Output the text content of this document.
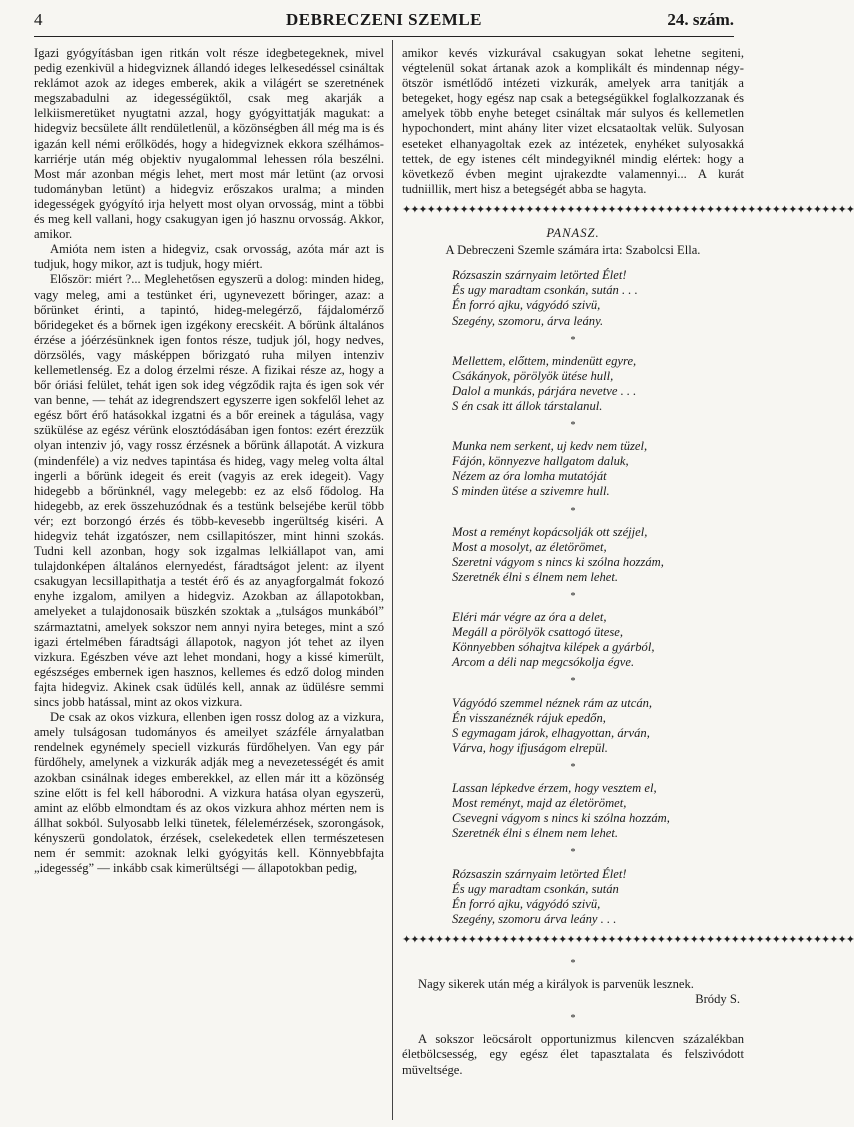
4	DEBRECZENI SZEMLE	24. szám.

Igazi gyógyításban igen ritkán volt része idegbetegeknek, mivel pedig ezenkivül a hidegviznek állandó ideges lelkesedéssel csináltak reklámot azok az ideges emberek, akik a világért se szeretnének megszabadulni az idegességüktől, csak meg akarják a lelkiismeretüket nyugtatni azzal, hogy gyógyittatják magukat: a hidegviz becsülete állt rendületlenül, a közönségben áll még ma is és igazán kell némi erőlködés, hogy a hidegviznek ekkora szélhámos-karriérje után még objektiv nyugalommal lehessen róla beszélni. Most már azonban mégis lehet, mert most már letünt (az orvosi tudományban letünt) a hidegviz erőszakos uralma; a minden idegességek gyógyító irja helyett most olyan orvosság, mint a többi és meg kell vallani, hogy csakugyan igen jó hasznu orvosság. Akkor, amikor.

Amióta nem isten a hidegviz, csak orvosság, azóta már azt is tudjuk, hogy mikor, azt is tudjuk, hogy miért.

Először: miért ?... Meglehetősen egyszerü a dolog: minden hideg, vagy meleg, ami a testünket éri, ugynevezett bőringer, azaz: a bőrünket érinti, a tapintó, hideg-melegérző, fájdalomérző bőridegeket és a bőrnek igen izgékony erecskéit. A bőrünk általános érzése a jóérzésünknek igen fontos része, tudjuk jól, hogy nedves, dörzsölés, vagy másképpen bőrizgató ruha milyen intenziv kellemetlenség. Ez a dolog érzelmi része. A fizikai része az, hogy a bőr óriási felület, tehát igen sok ideg végződik rajta és igen sok vér van benne, — tehát az idegrendszert egyszerre igen sokfelől lehet az egész bőrt érő hatásokkal izgatni és a bőr ereinek a tágulása, vagy szükülése az egész vérünk elosztódásában igen fontos: ezért érezzük olyan intenziv jó, vagy rossz érzésnek a bőrünk állapotát. A vizkura (mindenféle) a viz nedves tapintása és hideg, vagy meleg volta által ingerli a bőrünk idegeit és ereit (vagyis az erek idegeit). Vagy hidegebb a bőrünknél, vagy melegebb: ez az első fődolog. Ha hidegebb, az erek összehuzódnak és a testünk belsejébe kerül több vér; ezt borzongó érzés és több-kevesebb ingerültség kiséri. A hidegviz tehát izgatószer, nem csillapitószer, mint hinni szokás. Tudni kell azonban, hogy sok izgalmas lelkiállapot van, ami tulajdonképen általános elernyedést, fáradtságot jelent: az ilyent csakugyan lecsillapithatja a testét érő és az anyagforgalmát fokozó enyhe izgalom, amilyen a hidegviz. Azokban az állapotokban, amelyeket a tulajdonosaik büszkén szoktak a „tulságos munkából” származtatni, amelyek sokszor nem annyi nyira beteges, mint a szó igazi értelmében fáradtsági állapotok, nagyon jót tehet az ilyen vizkura. Egészben véve azt lehet mondani, hogy a kissé kimerült, egészséges embernek igen hasznos, kellemes és edző dolog minden fajta hidegviz. Akinek csak üdülés kell, annak az üdülésre semmi sincs jobb hatással, mint az okos vizkura.

De csak az okos vizkura, ellenben igen rossz dolog az a vizkura, amely tulságosan tudományos és ameilyet százféle árnyalatban rendelnek egynémely speciell vizkurás fürdőhelyen. Van egy pár fürdőhely, amelynek a vizkurák adják meg a nevezetességét és amit azokban csinálnak ideges emberekkel, az ellen már itt a közönség szine előtt is fel kell háborodni. A vizkura hatása olyan egyszerü, amint az előbb elmondtam és az okos vizkura ahhoz mérten nem is állhat sokból. Sulyosabb lelki tünetek, félelemérzések, szorongások, kényszerü gondolatok, érzések, cselekedetek ellen természetesen nem ér semmit: azoknak lelki gyógyitás kell. Könnyebbfajta „idegesség” — inkább csak kimerültségi — állapotokban pedig,

amikor kevés vizkurával csakugyan sokat lehetne segiteni, végtelenül sokat ártanak azok a komplikált és mindennap négy-ötször ismétlődő intézeti vizkurák, amelyek arra tanitják a betegeket, hogy egész nap csak a betegségükkel foglalkozzanak és amelyek több enyhe beteget csináltak már sulyos és kellemetlen hypochondert, mint ahány liter vizet elcsataoltak velük. Sulyosan eseteket elhanyagoltak ezek az intézetek, enyhéket sulyosakká tettek, de egy istenes célt mindegyiknél mindig elértek: hogy a következő évben megint ujrakezdte valamennyi... A kurát tudniillik, mert hisz a betegségét abba se hagyta.

✦✦✦✦✦✦✦✦✦✦✦✦✦✦✦✦✦✦✦✦✦✦✦✦✦✦✦✦✦✦✦✦✦✦✦✦✦✦✦✦✦✦✦✦✦✦✦✦✦✦✦✦✦✦✦
PANASZ.
A Debreczeni Szemle számára irta: Szabolcsi Ella.
Rózsaszin szárnyaim letörted Élet!
És ugy maradtam csonkán, sután . . .
Én forró ajku, vágyódó szivü,
Szegény, szomoru, árva leány.
*
Mellettem, előttem, mindenütt egyre,
Csákányok, pörölyök ütése hull,
Dalol a munkás, párjára nevetve . . .
S én csak itt állok társtalanul.
*
Munka nem serkent, uj kedv nem tüzel,
Fájón, könnyezve hallgatom daluk,
Nézem az óra lomha mutatóját
S minden ütése a szivemre hull.
*
Most a reményt kopácsolják ott széjjel,
Most a mosolyt, az életörömet,
Szeretni vágyom s nincs ki szólna hozzám,
Szeretnék élni s élnem nem lehet.
*
Eléri már végre az óra a delet,
Megáll a pörölyök csattogó ütese,
Könnyebben sóhajtva kilépek a gyárból,
Arcom a déli nap megcsókolja égve.
*
Vágyódó szemmel néznek rám az utcán,
Én visszanéznék rájuk epedőn,
S egymagam járok, elhagyottan, árván,
Várva, hogy ifjuságom elrepül.
*
Lassan lépkedve érzem, hogy vesztem el,
Most reményt, majd az életörömet,
Csevegni vágyom s nincs ki szólna hozzám,
Szeretnék élni s élnem nem lehet.
*
Rózsaszin szárnyaim letörted Élet!
És ugy maradtam csonkán, sután
Én forró ajku, vágyódó szivü,
Szegény, szomoru árva leány . . .
✦✦✦✦✦✦✦✦✦✦✦✦✦✦✦✦✦✦✦✦✦✦✦✦✦✦✦✦✦✦✦✦✦✦✦✦✦✦✦✦✦✦✦✦✦✦✦✦✦✦✦✦✦✦✦
*

Nagy sikerek után még a királyok is parvenük lesznek.

Bródy S.
*

A sokszor leöcsárolt opportunizmus kilencven százalékban életbölcsesség, egy egész élet tapasztalata és felszivódott müveltsége.
